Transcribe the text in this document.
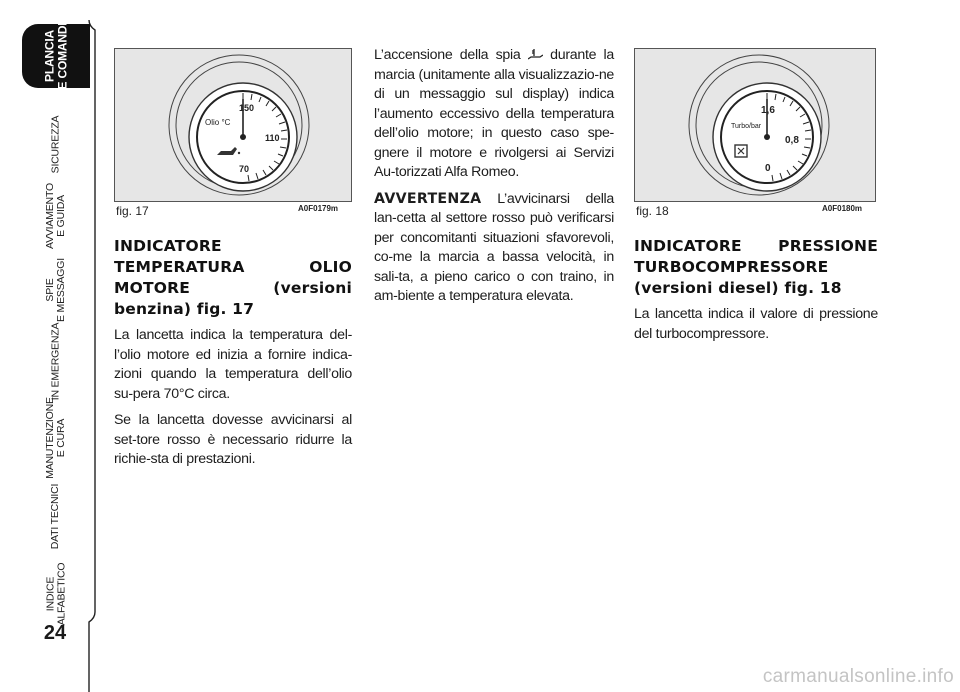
PLANCIA
E COMANDI
SICUREZZA
AVVIAMENTO
E GUIDA
SPIE
E MESSAGGI
IN EMERGENZA
MANUTENZIONE
E CURA
DATI TECNICI
INDICE
ALFABETICO
24
Olio °C
150
110
70
fig. 17	A0F0179m
Turbo/bar
1,6
0,8
0
fig. 18	A0F0180m
INDICATORE TEMPERATURA OLIO MOTORE (versioni benzina) fig. 17

La lancetta indica la temperatura del-l’olio motore ed inizia a fornire indica-zioni quando la temperatura dell’olio su-pera 70°C circa.

Se la lancetta dovesse avvicinarsi al set-tore rosso è necessario ridurre la richie-sta di prestazioni.

L’accensione della spia durante la marcia (unitamente alla visualizzazio-ne di un messaggio sul display) indica l’aumento eccessivo della temperatura dell’olio motore; in questo caso spe-gnere il motore e rivolgersi ai Servizi Au-torizzati Alfa Romeo.

AVVERTENZA L’avvicinarsi della lan-cetta al settore rosso può verificarsi per concomitanti situazioni sfavorevoli, co-me la marcia a bassa velocità, in sali-ta, a pieno carico o con traino, in am-biente a temperatura elevata.

INDICATORE PRESSIONE TURBOCOMPRESSORE (versioni diesel) fig. 18

La lancetta indica il valore di pressione del turbocompressore.

carmanualsonline.info
